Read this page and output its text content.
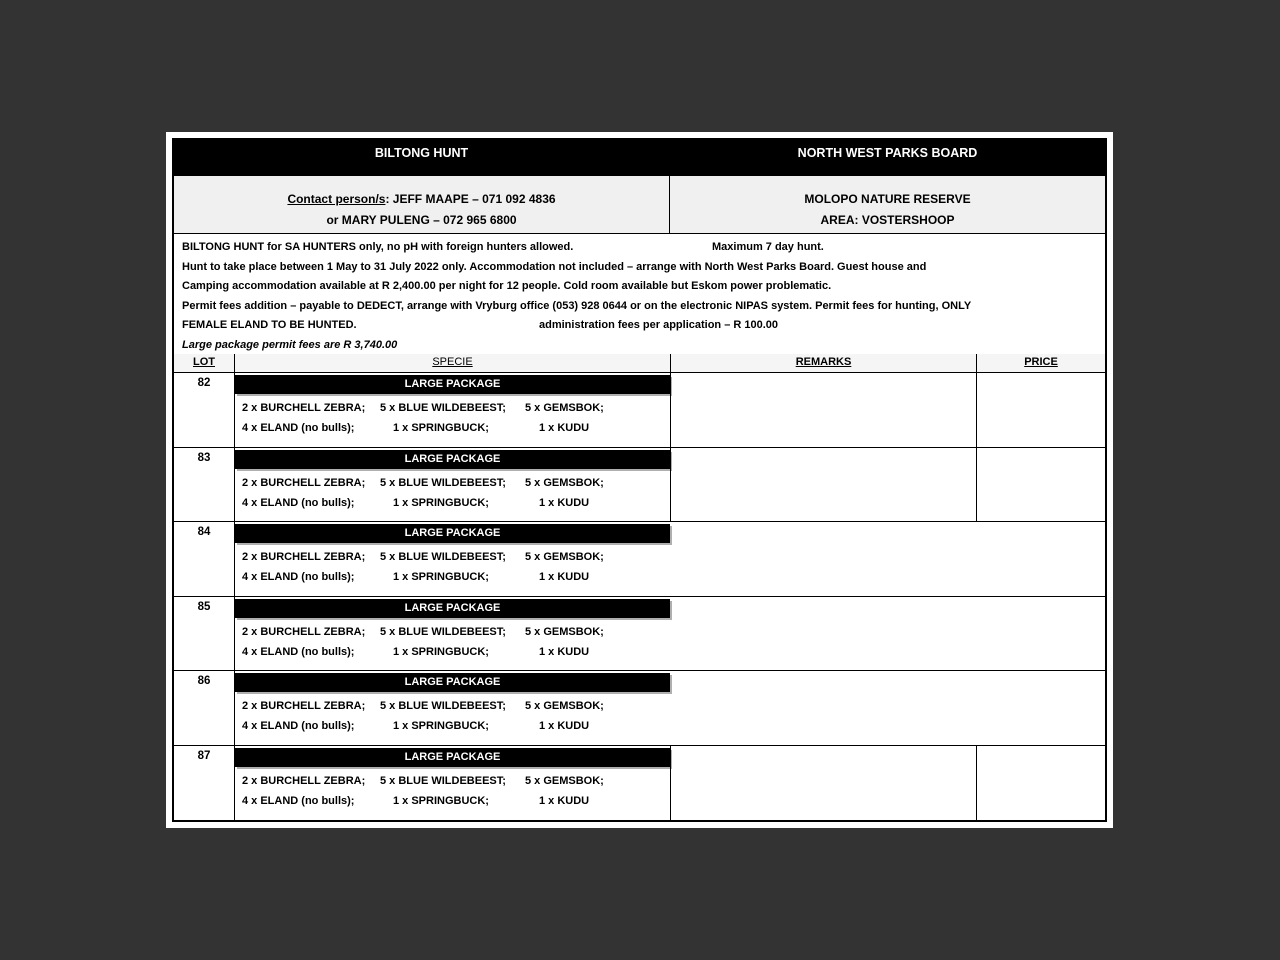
BILTONG HUNT	NORTH WEST PARKS BOARD
Contact person/s: JEFF MAAPE – 071 092 4836
or MARY PULENG – 072 965 6800
MOLOPO NATURE RESERVE
AREA: VOSTERSHOOP
BILTONG HUNT for SA HUNTERS only, no pH with foreign hunters allowed.	Maximum 7 day hunt.
Hunt to take place between 1 May to 31 July 2022 only. Accommodation not included – arrange with North West Parks Board. Guest house and
Camping accommodation available at R 2,400.00 per night for 12 people. Cold room available but Eskom power problematic.
Permit fees addition – payable to DEDECT, arrange with Vryburg office (053) 928 0644 or on the electronic NIPAS system. Permit fees for hunting, ONLY
FEMALE ELAND TO BE HUNTED.	administration fees per application – R 100.00
Large package permit fees are R 3,740.00
LOT	SPECIE	REMARKS	PRICE
82	LARGE PACKAGE
2 x BURCHELL ZEBRA;	5 x BLUE WILDEBEEST;	5 x GEMSBOK;
4 x ELAND (no bulls);	1 x SPRINGBUCK;	1 x KUDU
83	LARGE PACKAGE
2 x BURCHELL ZEBRA;	5 x BLUE WILDEBEEST;	5 x GEMSBOK;
4 x ELAND (no bulls);	1 x SPRINGBUCK;	1 x KUDU
84	LARGE PACKAGE
2 x BURCHELL ZEBRA;	5 x BLUE WILDEBEEST;	5 x GEMSBOK;
4 x ELAND (no bulls);	1 x SPRINGBUCK;	1 x KUDU
85	LARGE PACKAGE
2 x BURCHELL ZEBRA;	5 x BLUE WILDEBEEST;	5 x GEMSBOK;
4 x ELAND (no bulls);	1 x SPRINGBUCK;	1 x KUDU
86	LARGE PACKAGE
2 x BURCHELL ZEBRA;	5 x BLUE WILDEBEEST;	5 x GEMSBOK;
4 x ELAND (no bulls);	1 x SPRINGBUCK;	1 x KUDU
87	LARGE PACKAGE
2 x BURCHELL ZEBRA;	5 x BLUE WILDEBEEST;	5 x GEMSBOK;
4 x ELAND (no bulls);	1 x SPRINGBUCK;	1 x KUDU
